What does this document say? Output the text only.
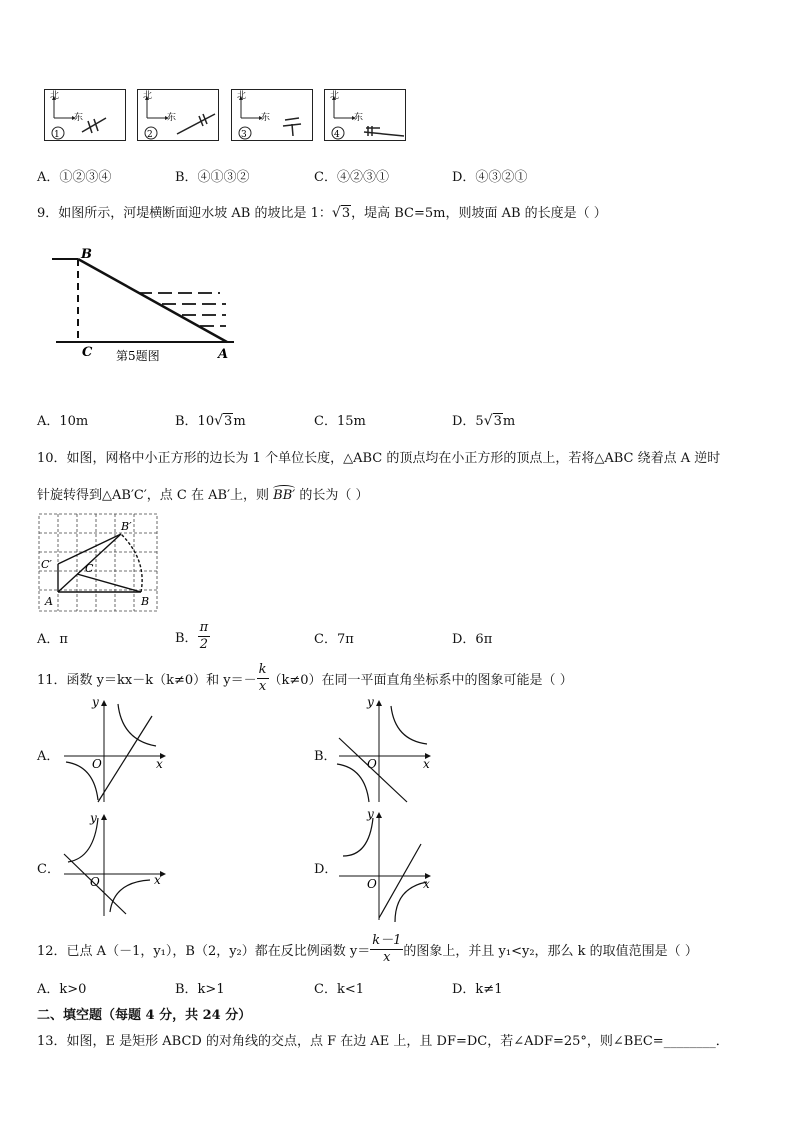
北
东
1
北
东
2
北
东
3
北
东
4
A．①②③④	B．④①③②	C．④②③①	D．④③②①
9．如图所示，河堤横断面迎水坡 AB 的坡比是 1：√3，堤高 BC=5m，则坡面 AB 的长度是（ ）
B
C	A
第5题图
A．10m	B．10√3m	C．15m	D．5√3m
10．如图，网格中小正方形的边长为 1 个单位长度，△ABC 的顶点均在小正方形的顶点上，若将△ABC 绕着点 A 逆时
针旋转得到△AB′C′，点 C 在 AB′上，则 BB′ 的长为（ ）
A	B
C
B′
C′
A．π	B． $\frac{\pi}{2}$	C．7π	D．6π
11．函数 y＝kx－k（k≠0）和 $y=- \frac{k}{x} (k\ne 0)$在同一平面直角坐标系中的图象可能是（ ）
A．
y
x
O	B．
y
x
O
C．
y
x
O
D．
y
x
O
12．已点 A（－1，y₁），B（2，y₂）都在反比例函数 $y= \frac{k-1}{x}$ 的图象上，并且 y₁<y₂，那么 k 的取值范围是（ ）
A．k>0	B．k>1	C．k<1	D．k≠1
二、填空题（每题 4 分，共 24 分）
13．如图，E 是矩形 ABCD 的对角线的交点，点 F 在边 AE 上，且 DF=DC，若∠ADF=25°，则∠BEC=________．
